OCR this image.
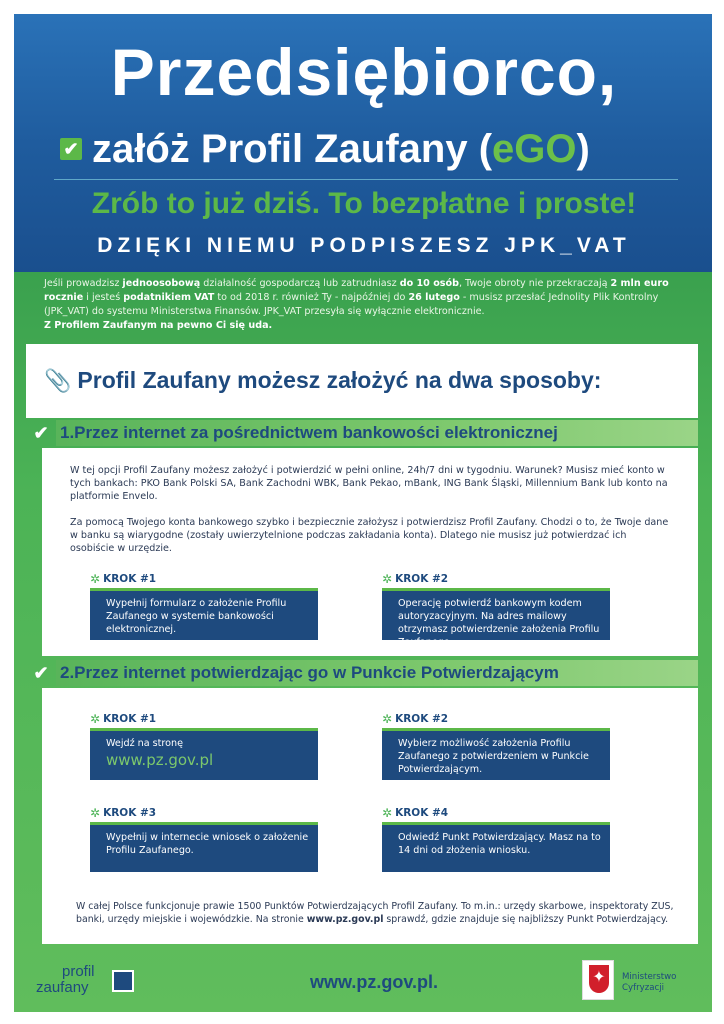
Przedsiębiorco,
✔ załóż Profil Zaufany ( eGO )
Zrób to już dziś. To bezpłatne i proste!
DZIĘKI NIEMU PODPISZESZ JPK_VAT
Jeśli prowadzisz jednoosobową działalność gospodarczą lub zatrudniasz do 10 osób, Twoje obroty nie przekraczają 2 mln euro rocznie i jesteś podatnikiem VAT to od 2018 r. również Ty - najpóźniej do 26 lutego - musisz przesłać Jednolity Plik Kontrolny (JPK_VAT) do systemu Ministerstwa Finansów. JPK_VAT przesyła się wyłącznie elektronicznie.
Z Profilem Zaufanym na pewno Ci się uda.
📎 Profil Zaufany możesz założyć na dwa sposoby:
✔ 1.Przez internet za pośrednictwem bankowości elektronicznej
W tej opcji Profil Zaufany możesz założyć i potwierdzić w pełni online, 24h/7 dni w tygodniu. Warunek? Musisz mieć konto w tych bankach: PKO Bank Polski SA, Bank Zachodni WBK, Bank Pekao, mBank, ING Bank Śląski, Millennium Bank lub konto na platformie Envelo.
Za pomocą Twojego konta bankowego szybko i bezpiecznie założysz i potwierdzisz Profil Zaufany. Chodzi o to, że Twoje dane w banku są wiarygodne (zostały uwierzytelnione podczas zakładania konta). Dlatego nie musisz już potwierdzać ich osobiście w urzędzie.
✲ KROK #1
Wypełnij formularz o założenie Profilu Zaufanego w systemie bankowości elektronicznej.
✲ KROK #2
Operację potwierdź bankowym kodem autoryzacyjnym. Na adres mailowy otrzymasz potwierdzenie założenia Profilu Zaufanego.
✔ 2.Przez internet potwierdzając go w Punkcie Potwierdzającym
✲ KROK #1
Wejdź na stronę
www.pz.gov.pl
✲ KROK #2
Wybierz możliwość założenia Profilu Zaufanego z potwierdzeniem w Punkcie Potwierdzającym.
✲ KROK #3
Wypełnij w internecie wniosek o założenie Profilu Zaufanego.
✲ KROK #4
Odwiedź Punkt Potwierdzający. Masz na to 14 dni od złożenia wniosku.
W całej Polsce funkcjonuje prawie 1500 Punktów Potwierdzających Profil Zaufany. To m.in.: urzędy skarbowe, inspektoraty ZUS, banki, urzędy miejskie i wojewódzkie. Na stronie www.pz.gov.pl sprawdź, gdzie znajduje się najbliższy Punkt Potwierdzający.
profil
zaufany	www.pz.gov.pl.	✦	Ministerstwo
Cyfryzacji
